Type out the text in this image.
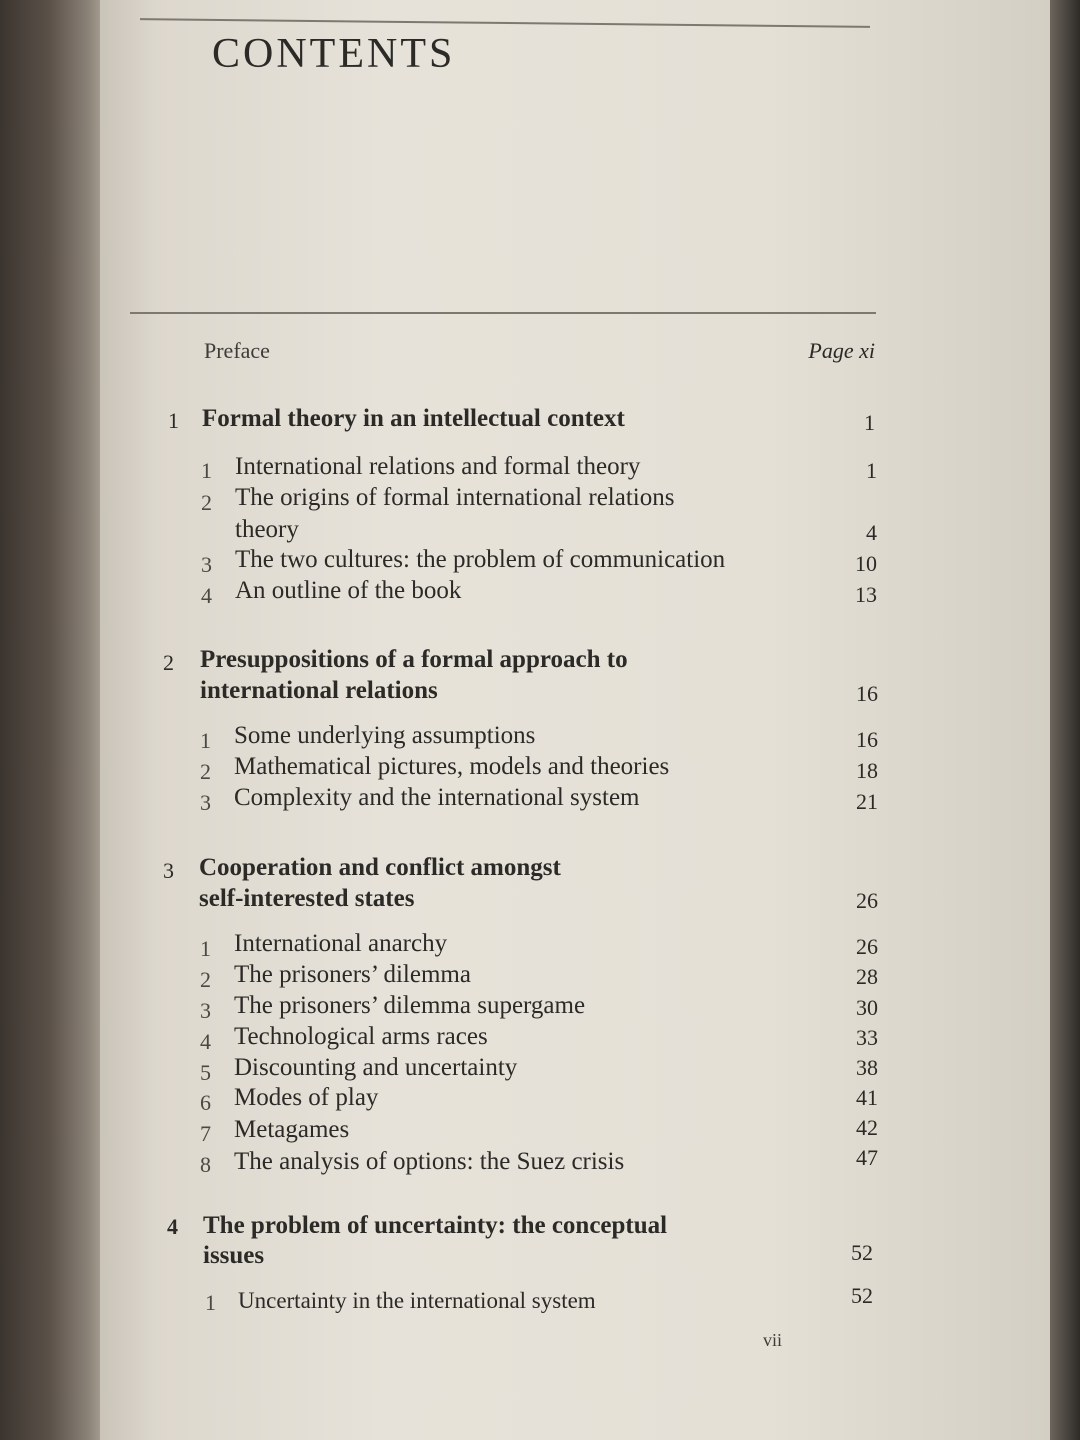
CONTENTS
Preface	Page xi
1 Formal theory in an intellectual context	1
1 International relations and formal theory	1
2 The origins of formal international relations
theory	4
3 The two cultures: the problem of communication	10
4 An outline of the book	13
2 Presuppositions of a formal approach to
international relations	16
1 Some underlying assumptions	16
2 Mathematical pictures, models and theories	18
3 Complexity and the international system	21
3 Cooperation and conflict amongst
self-interested states	26
1 International anarchy	26
2 The prisoners’ dilemma	28
3 The prisoners’ dilemma supergame	30
4 Technological arms races	33
5 Discounting and uncertainty	38
6 Modes of play	41
7 Metagames	42
8 The analysis of options: the Suez crisis	47
4 The problem of uncertainty: the conceptual
issues	52
1 Uncertainty in the international system	52
vii
